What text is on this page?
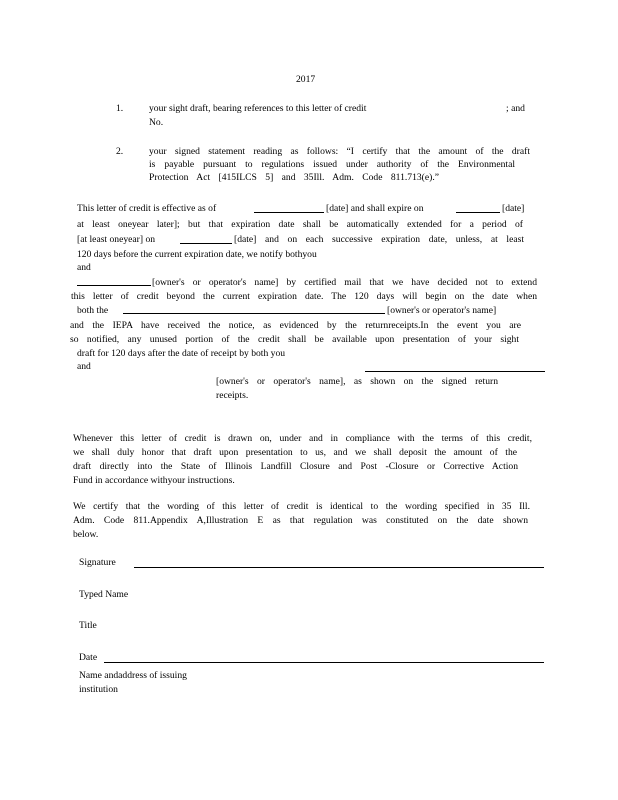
2017
1.	your sight draft, bearing references to this letter of credit	; and
No.
2.	your signed statement reading as follows: “I certify that the amount of the draft
is payable pursuant to regulations issued under authority of the Environmental
Protection Act [415ILCS 5] and 35Ill. Adm. Code 811.713(e).”
This letter of credit is effective as of	[date] and shall expire on	[date]
at least oneyear later]; but that expiration date shall be automatically extended for a period of
[at least oneyear] on	[date] and on each successive expiration date, unless, at least
120 days before the current expiration date, we notify bothyou
and
[owner's or operator's name] by certified mail that we have decided not to extend
this letter of credit beyond the current expiration date. The 120 days will begin on the date when
both the	[owner's or operator's name]
and the IEPA have received the notice, as evidenced by the returnreceipts.In the event you are
so notified, any unused portion of the credit shall be available upon presentation of your sight
draft for 120 days after the date of receipt by both you
and
[owner's or operator's name], as shown on the signed return
receipts.
Whenever this letter of credit is drawn on, under and in compliance with the terms of this credit,
we shall duly honor that draft upon presentation to us, and we shall deposit the amount of the
draft directly into the State of Illinois Landfill Closure and Post -Closure or Corrective Action
Fund in accordance withyour instructions.
We certify that the wording of this letter of credit is identical to the wording specified in 35 Ill.
Adm. Code 811.Appendix A,Illustration E as that regulation was constituted on the date shown
below.
Signature
Typed Name
Title
Date
Name andaddress of issuing
institution
